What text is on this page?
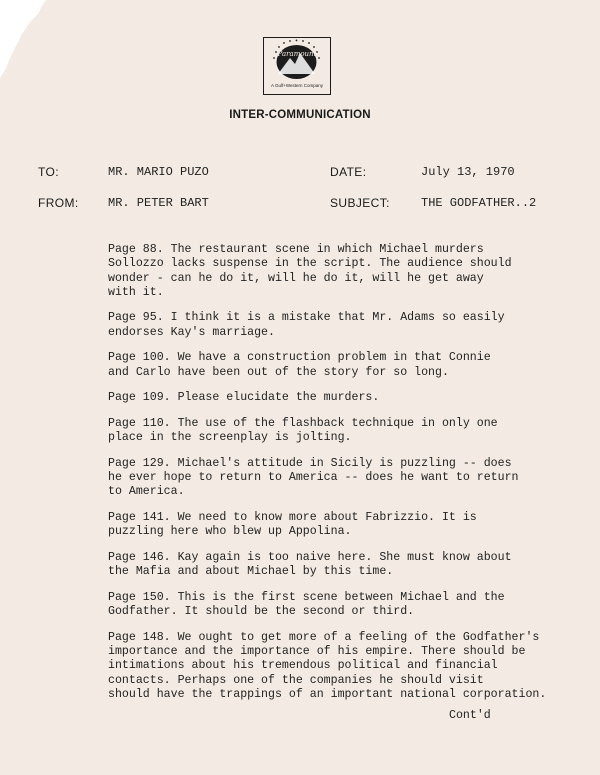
Paramount
A Gulf+Western Company
INTER-COMMUNICATION
TO:	MR. MARIO PUZO	DATE:	July 13, 1970
FROM: MR. PETER BART	SUBJECT:	THE GODFATHER..2

Page 88. The restaurant scene in which Michael murders
Sollozzo lacks suspense in the script. The audience should
wonder - can he do it, will he do it, will he get away
with it.

Page 95. I think it is a mistake that Mr. Adams so easily
endorses Kay's marriage.

Page 100. We have a construction problem in that Connie
and Carlo have been out of the story for so long.

Page 109. Please elucidate the murders.

Page 110. The use of the flashback technique in only one
place in the screenplay is jolting.

Page 129. Michael's attitude in Sicily is puzzling -- does
he ever hope to return to America -- does he want to return
to America.

Page 141. We need to know more about Fabrizzio. It is
puzzling here who blew up Appolina.

Page 146. Kay again is too naive here. She must know about
the Mafia and about Michael by this time.

Page 150. This is the first scene between Michael and the
Godfather. It should be the second or third.

Page 148. We ought to get more of a feeling of the Godfather's
importance and the importance of his empire. There should be
intimations about his tremendous political and financial
contacts. Perhaps one of the companies he should visit
should have the trappings of an important national corporation.

Cont'd
